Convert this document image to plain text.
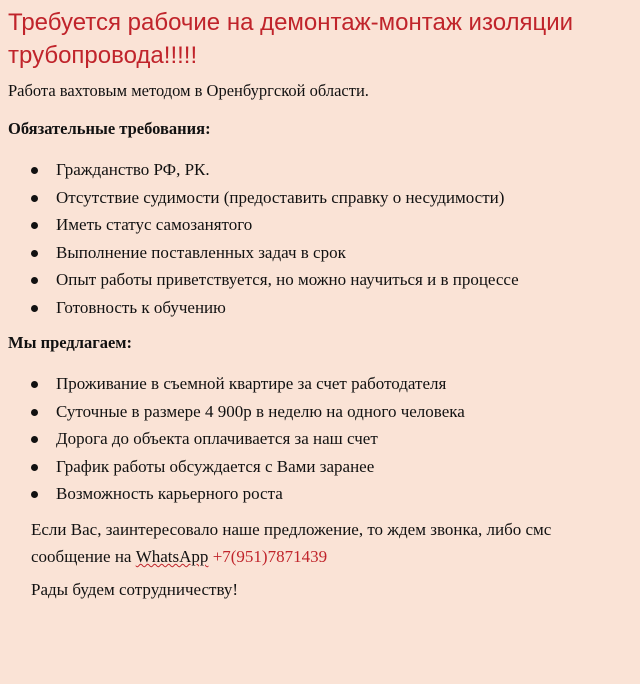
Требуется рабочие на демонтаж-монтаж изоляции трубопровода!!!!!

Работа вахтовым методом в Оренбургской области.

Обязательные требования:

Гражданство РФ, РК.
Отсутствие судимости (предоставить справку о несудимости)
Иметь статус самозанятого
Выполнение поставленных задач в срок
Опыт работы приветствуется, но можно научиться и в процессе
Готовность к обучению

Мы предлагаем:

Проживание в съемной квартире за счет работодателя
Суточные в размере 4 900р в неделю на одного человека
Дорога до объекта оплачивается за наш счет
График работы обсуждается с Вами заранее
Возможность карьерного роста

Если Вас, заинтересовало наше предложение, то ждем звонка, либо смс сообщение на WhatsApp +7(951)7871439

Рады будем сотрудничеству!
